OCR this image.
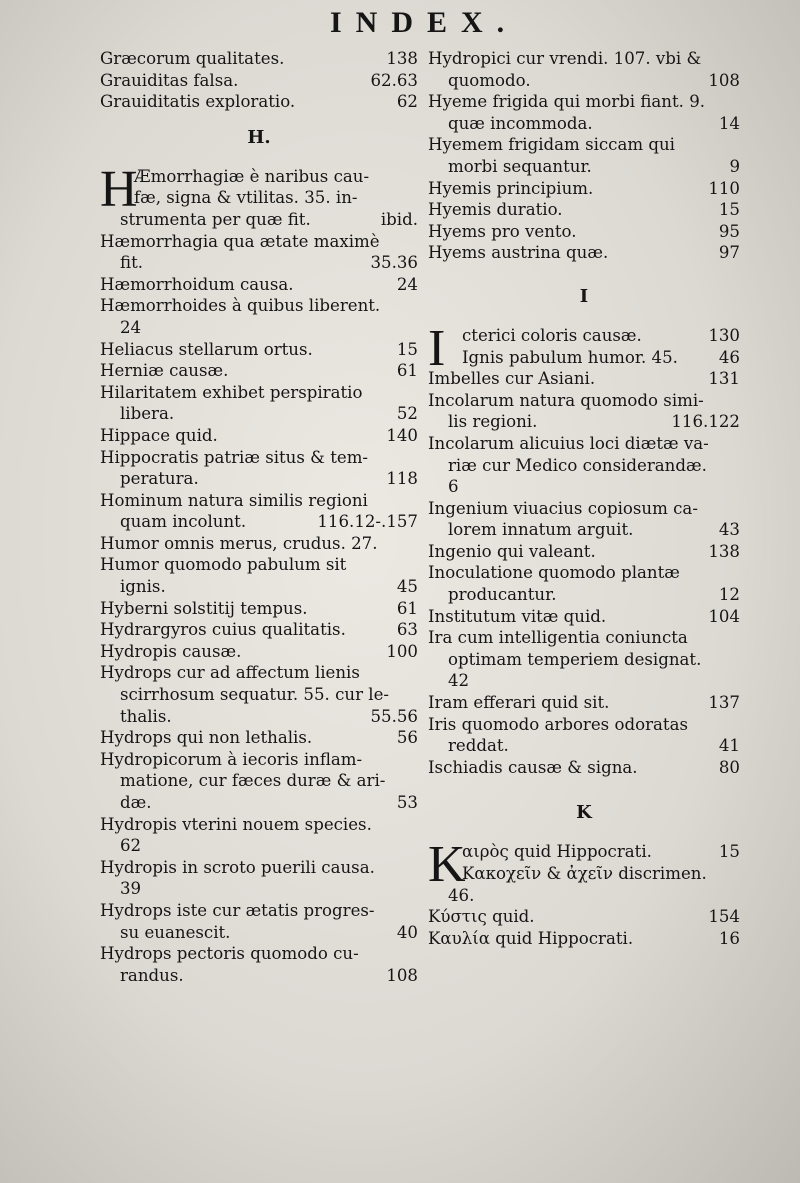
INDEX.
Græcorum qualitates.	138
Grauiditas falsa.	62.63
Grauiditatis exploratio.	62
H.
H
Æmorrhagiæ è naribus cau-
fæ, signa & vtilitas. 35. in-
strumenta per quæ fit.	ibid.
Hæmorrhagia qua ætate maximè
fit.	35.36
Hæmorrhoidum causa.	24
Hæmorrhoides à quibus liberent.
24
Heliacus stellarum ortus.	15
Herniæ causæ.	61
Hilaritatem exhibet perspiratio
libera.	52
Hippace quid.	140
Hippocratis patriæ situs & tem-
peratura.	118
Hominum natura similis regioni
quam incolunt.	116.12-.157
Humor omnis merus, crudus. 27.
Humor quomodo pabulum sit
ignis.	45
Hyberni solstitij tempus.	61
Hydrargyros cuius qualitatis.	63
Hydropis causæ.	100
Hydrops cur ad affectum lienis
scirrhosum sequatur. 55. cur le-
thalis.	55.56
Hydrops qui non lethalis.	56
Hydropicorum à iecoris inflam-
matione, cur fæces duræ & ari-
dæ.	53
Hydropis vterini nouem species.
62
Hydropis in scroto puerili causa.
39
Hydrops iste cur ætatis progres-
su euanescit.	40
Hydrops pectoris quomodo cu-
randus.	108
Hydropici cur vrendi. 107. vbi &
quomodo.	108
Hyeme frigida qui morbi fiant. 9.
quæ incommoda.	14
Hyemem frigidam siccam qui
morbi sequantur.	9
Hyemis principium.	110
Hyemis duratio.	15
Hyems pro vento.	95
Hyems austrina quæ.	97
I
I cterici coloris causæ.	130
Ignis pabulum humor. 45.	46
Imbelles cur Asiani.	131
Incolarum natura quomodo simi-
lis regioni.	116.122
Incolarum alicuius loci diætæ va-
riæ cur Medico considerandæ.
6
Ingenium viuacius copiosum ca-
lorem innatum arguit.	43
Ingenio qui valeant.	138
Inoculatione quomodo plantæ
producantur.	12
Institutum vitæ quid.	104
Ira cum intelligentia coniuncta
optimam temperiem designat.
42
Iram efferari quid sit.	137
Iris quomodo arbores odoratas
reddat.	41
Ischiadis causæ & signa.	80
K
Κ
αιρὸς quid Hippocrati.	15
Κακοχεῖν & ἀχεῖν discrimen.
46.
Κύστις quid.	154
Καυλία quid Hippocrati.	16
